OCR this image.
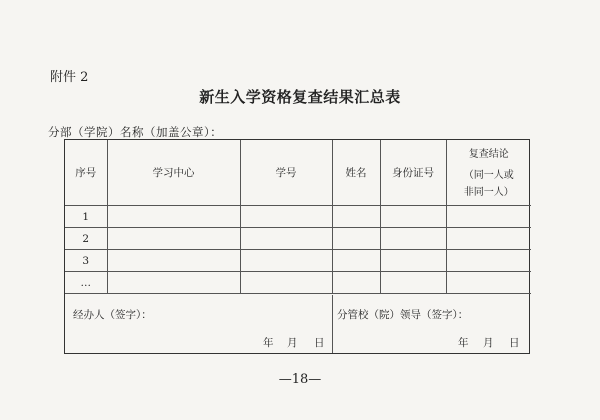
附件 2
新生入学资格复查结果汇总表
分部（学院）名称（加盖公章）：
序号	学习中心	学号	姓名	身份证号	复查结论
（同一人或
非同一人）

1					
2					
3					
…					
经办人（签字）：	分管校（院）领导（签字）：
年 月 日	年 月 日
—18—
